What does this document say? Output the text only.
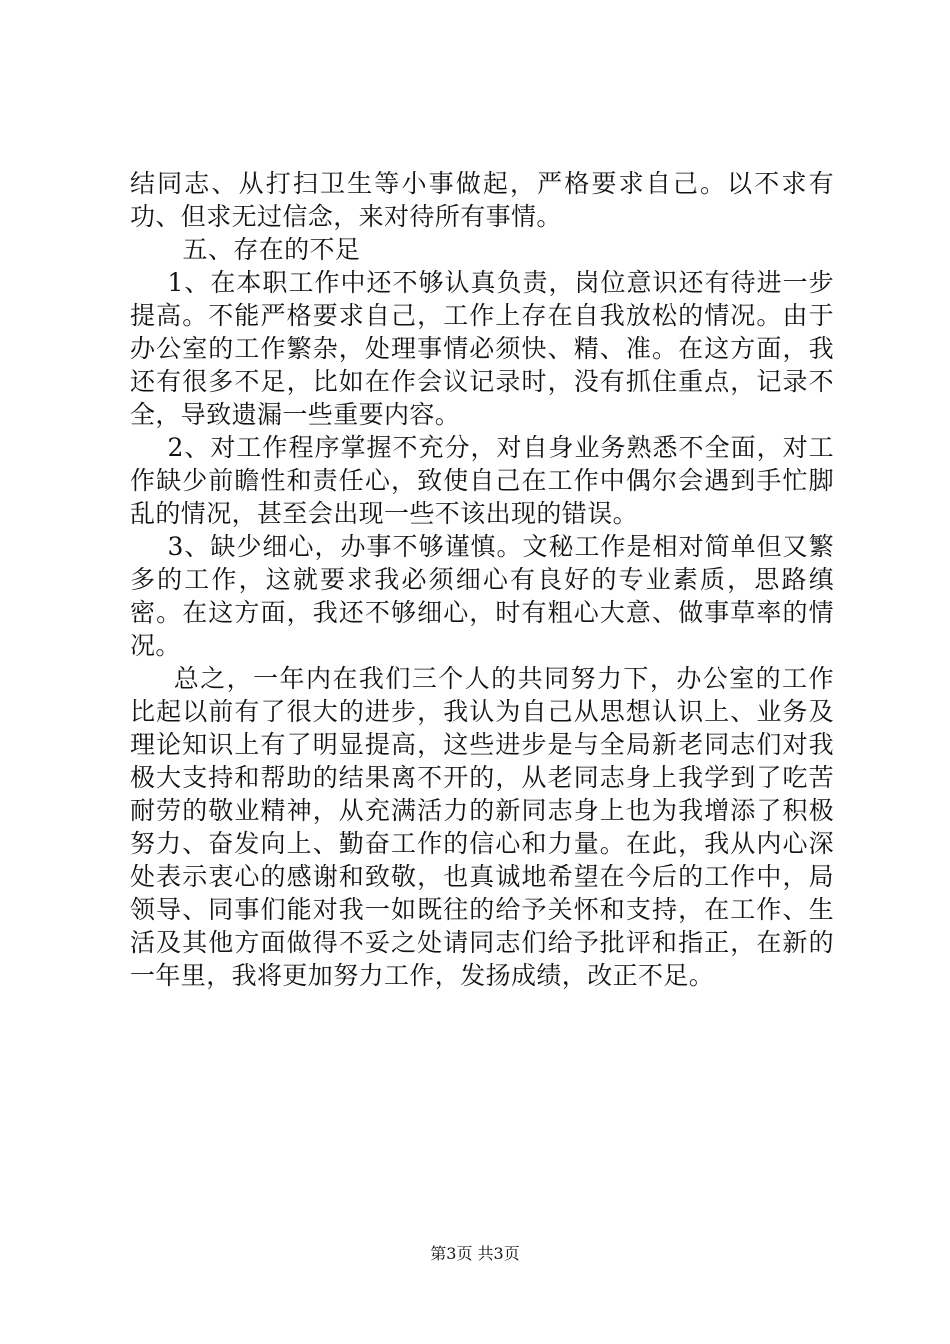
结同志、从打扫卫生等小事做起，严格要求自己。以不求有功、但求无过信念，来对待所有事情。

五、存在的不足

1、在本职工作中还不够认真负责，岗位意识还有待进一步提高。不能严格要求自己，工作上存在自我放松的情况。由于办公室的工作繁杂，处理事情必须快、精、准。在这方面，我还有很多不足，比如在作会议记录时，没有抓住重点，记录不全，导致遗漏一些重要内容。

2、对工作程序掌握不充分，对自身业务熟悉不全面，对工作缺少前瞻性和责任心，致使自己在工作中偶尔会遇到手忙脚乱的情况，甚至会出现一些不该出现的错误。

3、缺少细心，办事不够谨慎。文秘工作是相对简单但又繁多的工作，这就要求我必须细心有良好的专业素质，思路缜密。在这方面，我还不够细心，时有粗心大意、做事草率的情况。

总之，一年内在我们三个人的共同努力下，办公室的工作比起以前有了很大的进步，我认为自己从思想认识上、业务及理论知识上有了明显提高，这些进步是与全局新老同志们对我极大支持和帮助的结果离不开的，从老同志身上我学到了吃苦耐劳的敬业精神，从充满活力的新同志身上也为我增添了积极努力、奋发向上、勤奋工作的信心和力量。在此，我从内心深处表示衷心的感谢和致敬，也真诚地希望在今后的工作中，局领导、同事们能对我一如既往的给予关怀和支持，在工作、生活及其他方面做得不妥之处请同志们给予批评和指正，在新的一年里，我将更加努力工作，发扬成绩，改正不足。

第3页 共3页
